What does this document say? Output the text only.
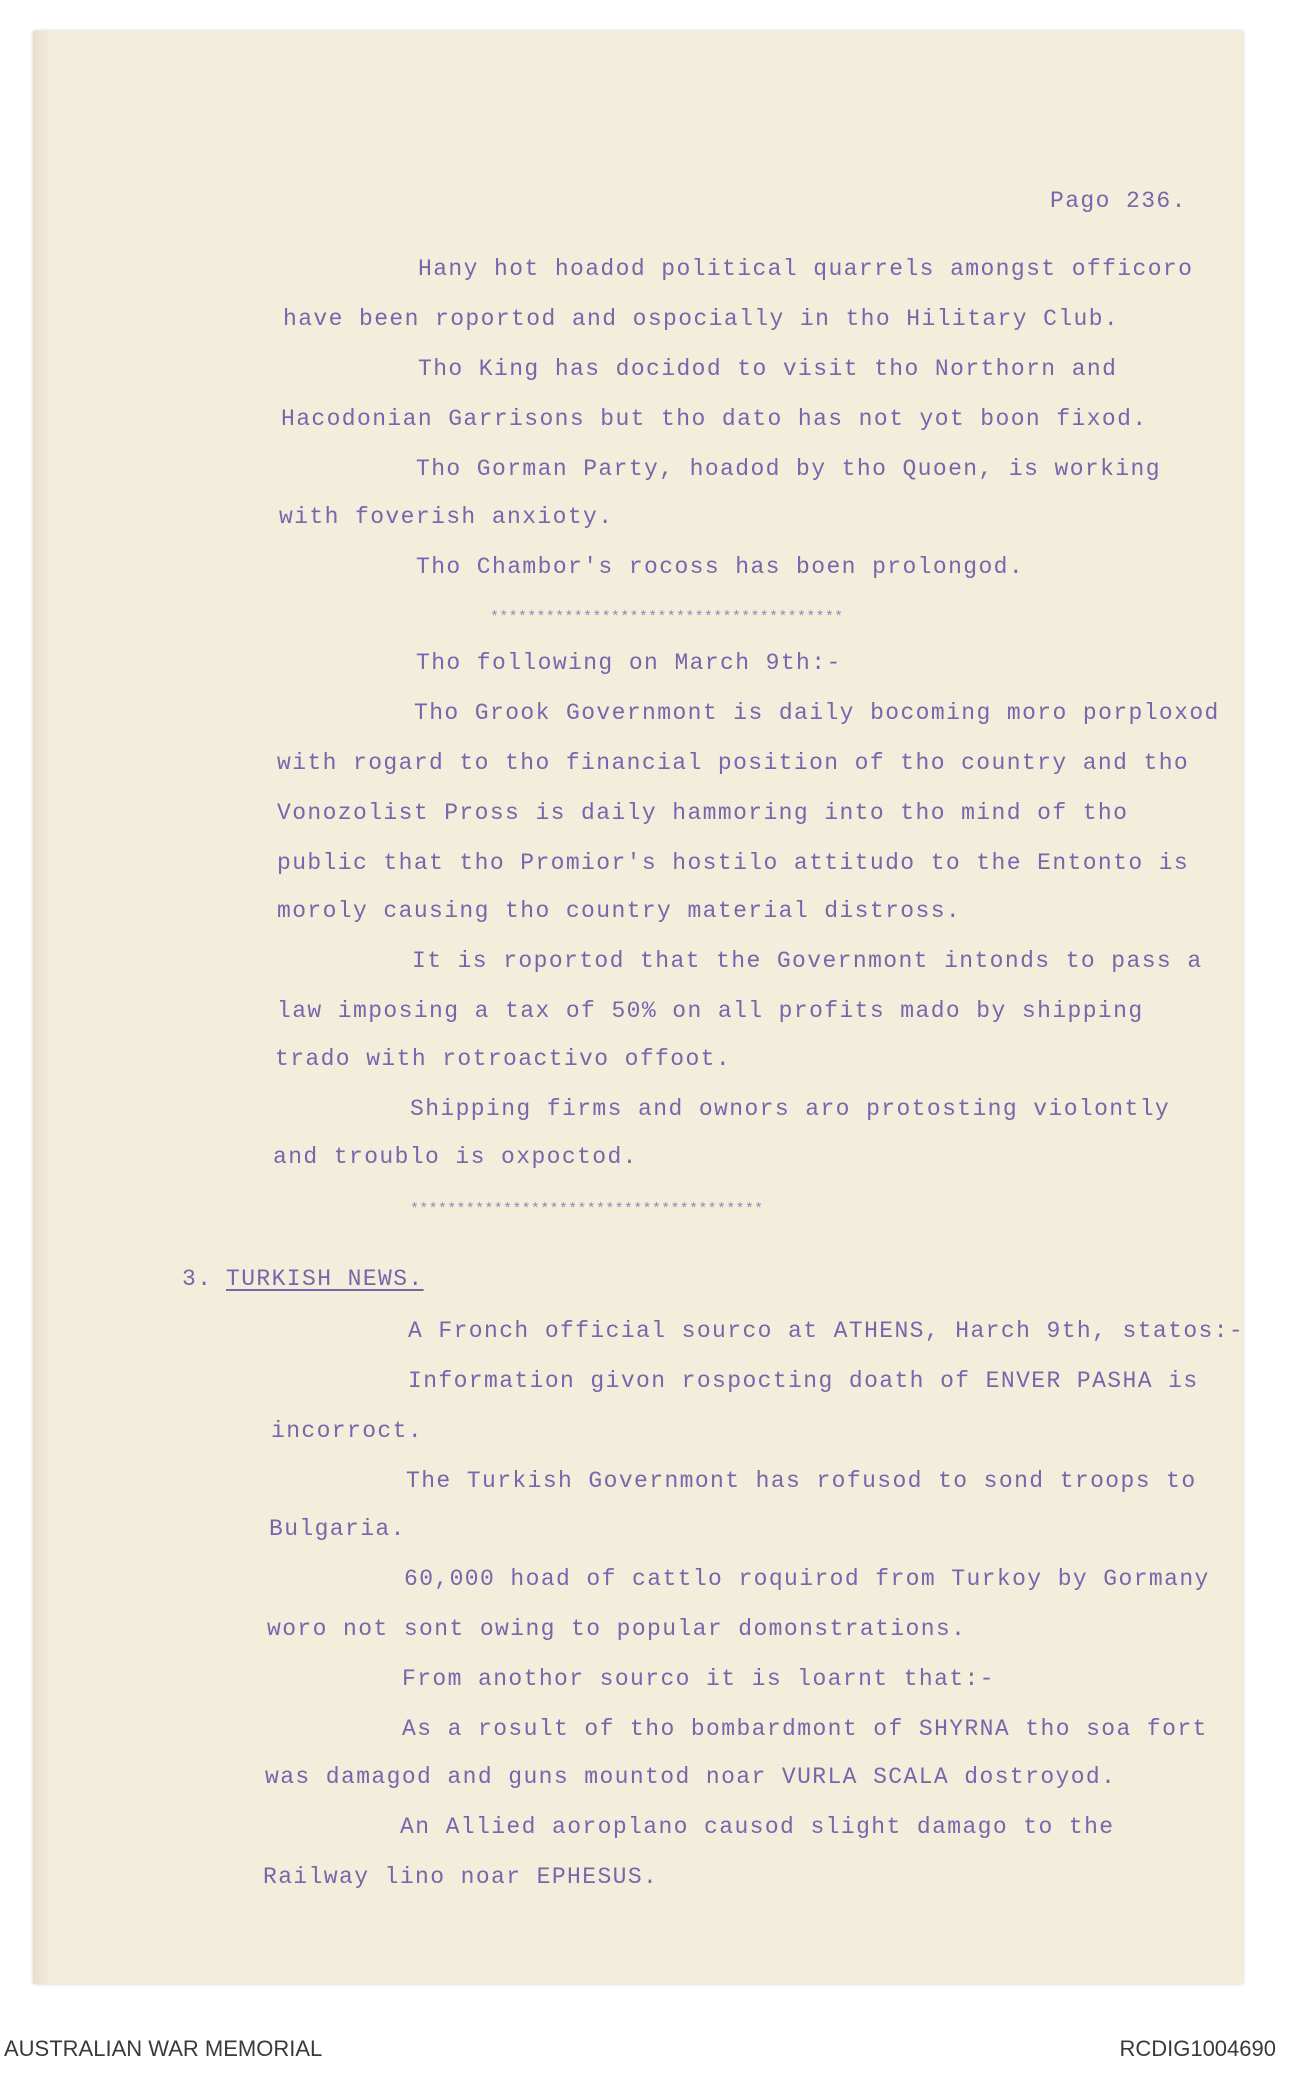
Pago 236.
Hany hot hoadod political quarrels amongst officoro
have been roportod and ospocially in tho Hilitary Club.
Tho King has docidod to visit tho Northorn and
Hacodonian Garrisons but tho dato has not yot boon fixod.
Tho Gorman Party, hoadod by tho Quoen, is working
with foverish anxioty.
Tho Chambor's rocoss has boen prolongod.
**************************************
Tho following on March 9th:-
Tho Grook Governmont is daily bocoming moro porploxod
with rogard to tho financial position of tho country and tho
Vonozolist Pross is daily hammoring into tho mind of tho
public that tho Promior's hostilo attitudo to the Entonto is
moroly causing tho country material distross.
It is roportod that the Governmont intonds to pass a
law imposing a tax of 50% on all profits mado by shipping
trado with rotroactivo offoot.
Shipping firms and ownors aro protosting violontly
and troublo is oxpoctod.
**************************************
3. TURKISH NEWS.
A Fronch official sourco at ATHENS, Harch 9th, statos:-
Information givon rospocting doath of ENVER PASHA is
incorroct.
The Turkish Governmont has rofusod to sond troops to
Bulgaria.
60,000 hoad of cattlo roquirod from Turkoy by Gormany
woro not sont owing to popular domonstrations.
From anothor sourco it is loarnt that:-
As a rosult of tho bombardmont of SHYRNA tho soa fort
was damagod and guns mountod noar VURLA SCALA dostroyod.
An Allied aoroplano causod slight damago to the
Railway lino noar EPHESUS.
AUSTRALIAN WAR MEMORIAL	RCDIG1004690
